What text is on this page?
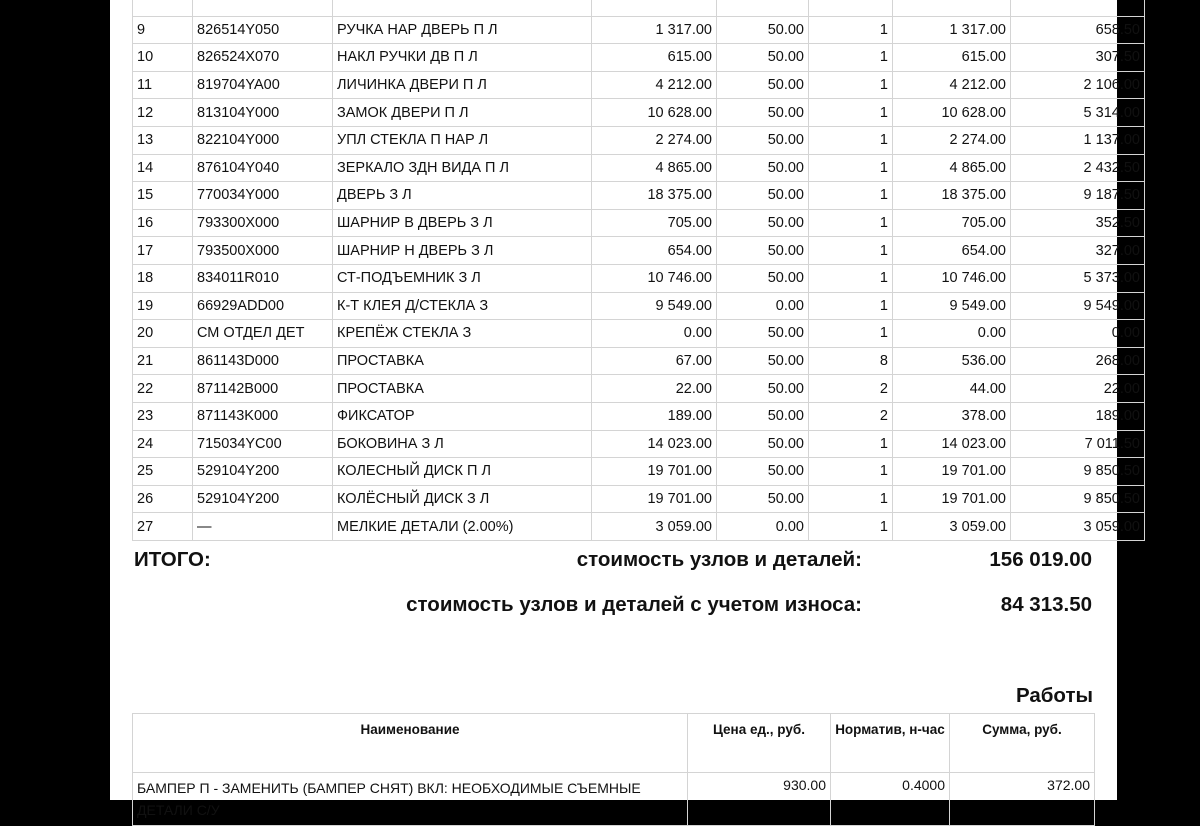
9	826514Y050	РУЧКА НАР ДВЕРЬ П Л	1 317.00	50.00	1	1 317.00	658.50
10	826524X070	НАКЛ РУЧКИ ДВ П Л	615.00	50.00	1	615.00	307.50
11	819704YA00	ЛИЧИНКА ДВЕРИ П Л	4 212.00	50.00	1	4 212.00	2 106.00
12	813104Y000	ЗАМОК ДВЕРИ П Л	10 628.00	50.00	1	10 628.00	5 314.00
13	822104Y000	УПЛ СТЕКЛА П НАР Л	2 274.00	50.00	1	2 274.00	1 137.00
14	876104Y040	ЗЕРКАЛО ЗДН ВИДА П Л	4 865.00	50.00	1	4 865.00	2 432.50
15	770034Y000	ДВЕРЬ З Л	18 375.00	50.00	1	18 375.00	9 187.50
16	793300X000	ШАРНИР В ДВЕРЬ З Л	705.00	50.00	1	705.00	352.50
17	793500X000	ШАРНИР Н ДВЕРЬ З Л	654.00	50.00	1	654.00	327.00
18	834011R010	СТ-ПОДЪЕМНИК З Л	10 746.00	50.00	1	10 746.00	5 373.00
19	66929ADD00	К-Т КЛЕЯ Д/СТЕКЛА З	9 549.00	0.00	1	9 549.00	9 549.00
20	СМ ОТДЕЛ ДЕТ	КРЕПЁЖ СТЕКЛА З	0.00	50.00	1	0.00	0.00
21	861143D000	ПРОСТАВКА	67.00	50.00	8	536.00	268.00
22	871142B000	ПРОСТАВКА	22.00	50.00	2	44.00	22.00
23	871143K000	ФИКСАТОР	189.00	50.00	2	378.00	189.00
24	715034YC00	БОКОВИНА З Л	14 023.00	50.00	1	14 023.00	7 011.50
25	529104Y200	КОЛЕСНЫЙ ДИСК П Л	19 701.00	50.00	1	19 701.00	9 850.50
26	529104Y200	КОЛЁСНЫЙ ДИСК З Л	19 701.00	50.00	1	19 701.00	9 850.50
27	—	МЕЛКИЕ ДЕТАЛИ (2.00%)	3 059.00	0.00	1	3 059.00	3 059.00
ИТОГО:	стоимость узлов и деталей:	156 019.00
стоимость узлов и деталей с учетом износа:	84 313.50
Работы
Наименование	Цена ед., руб.	Норматив, н-час	Сумма, руб.
БАМПЕР П - ЗАМЕНИТЬ (БАМПЕР СНЯТ) ВКЛ: НЕОБХОДИМЫЕ СЪЕМНЫЕ ДЕТАЛИ С/У	930.00	0.4000	372.00
